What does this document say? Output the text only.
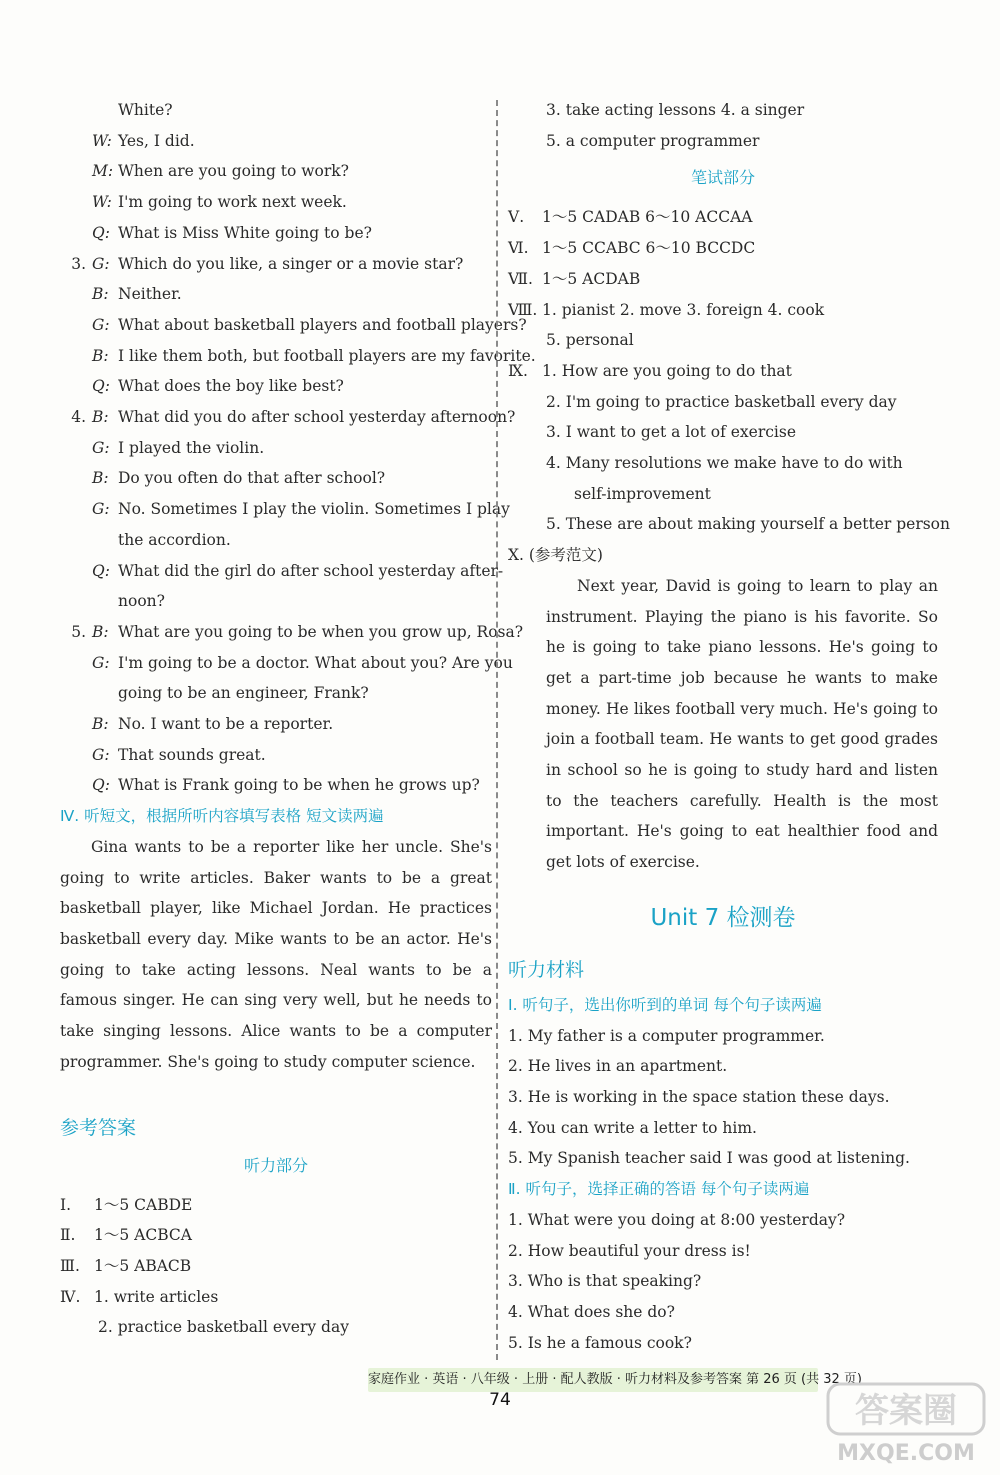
White?
W: Yes, I did.
M: When are you going to work?
W: I'm going to work next week.
Q: What is Miss White going to be?
3. G: Which do you like, a singer or a movie star?
B: Neither.
G: What about basketball players and football players?
B: I like them both, but football players are my favorite.
Q: What does the boy like best?
4. B: What did you do after school yesterday afternoon?
G: I played the violin.
B: Do you often do that after school?
G: No. Sometimes I play the violin. Sometimes I play
the accordion.
Q: What did the girl do after school yesterday after-
noon?
5. B: What are you going to be when you grow up, Rosa?
G: I'm going to be a doctor. What about you? Are you
going to be an engineer, Frank?
B: No. I want to be a reporter.
G: That sounds great.
Q: What is Frank going to be when he grows up?
Ⅳ. 听短文，根据所听内容填写表格 短文读两遍
Gina wants to be a reporter like her uncle. She's going to write articles. Baker wants to be a great basketball player, like Michael Jordan. He practices basketball every day. Mike wants to be an actor. He's going to take acting lessons. Neal wants to be a famous singer. He can sing very well, but he needs to take singing lessons. Alice wants to be a computer programmer. She's going to study computer science.
参考答案
听力部分
Ⅰ. 1～5 CABDE
Ⅱ. 1～5 ACBCA
Ⅲ. 1～5 ABACB
Ⅳ. 1. write articles
2. practice basketball every day
3. take acting lessons 4. a singer
5. a computer programmer
笔试部分
Ⅴ. 1～5 CADAB 6～10 ACCAA
Ⅵ. 1～5 CCABC 6～10 BCCDC
Ⅶ. 1～5 ACDAB
Ⅷ. 1. pianist 2. move 3. foreign 4. cook
5. personal
Ⅸ. 1. How are you going to do that
2. I'm going to practice basketball every day
3. I want to get a lot of exercise
4. Many resolutions we make have to do with
self-improvement
5. These are about making yourself a better person
Ⅹ. (参考范文)
Next year, David is going to learn to play an instrument. Playing the piano is his favorite. So he is going to take piano lessons. He's going to get a part-time job because he wants to make money. He likes football very much. He's going to join a football team. He wants to get good grades in school so he is going to study hard and listen to the teachers carefully. Health is the most important. He's going to eat healthier food and get lots of exercise.
Unit 7 检测卷
听力材料
Ⅰ. 听句子，选出你听到的单词 每个句子读两遍
1. My father is a computer programmer.
2. He lives in an apartment.
3. He is working in the space station these days.
4. You can write a letter to him.
5. My Spanish teacher said I was good at listening.
Ⅱ. 听句子，选择正确的答语 每个句子读两遍
1. What were you doing at 8:00 yesterday?
2. How beautiful your dress is!
3. Who is that speaking?
4. What does she do?
5. Is he a famous cook?
家庭作业 · 英语 · 八年级 · 上册 · 配人教版 · 听力材料及参考答案 第 26 页 (共 32 页)
74	答案圈
MXQE.COM
